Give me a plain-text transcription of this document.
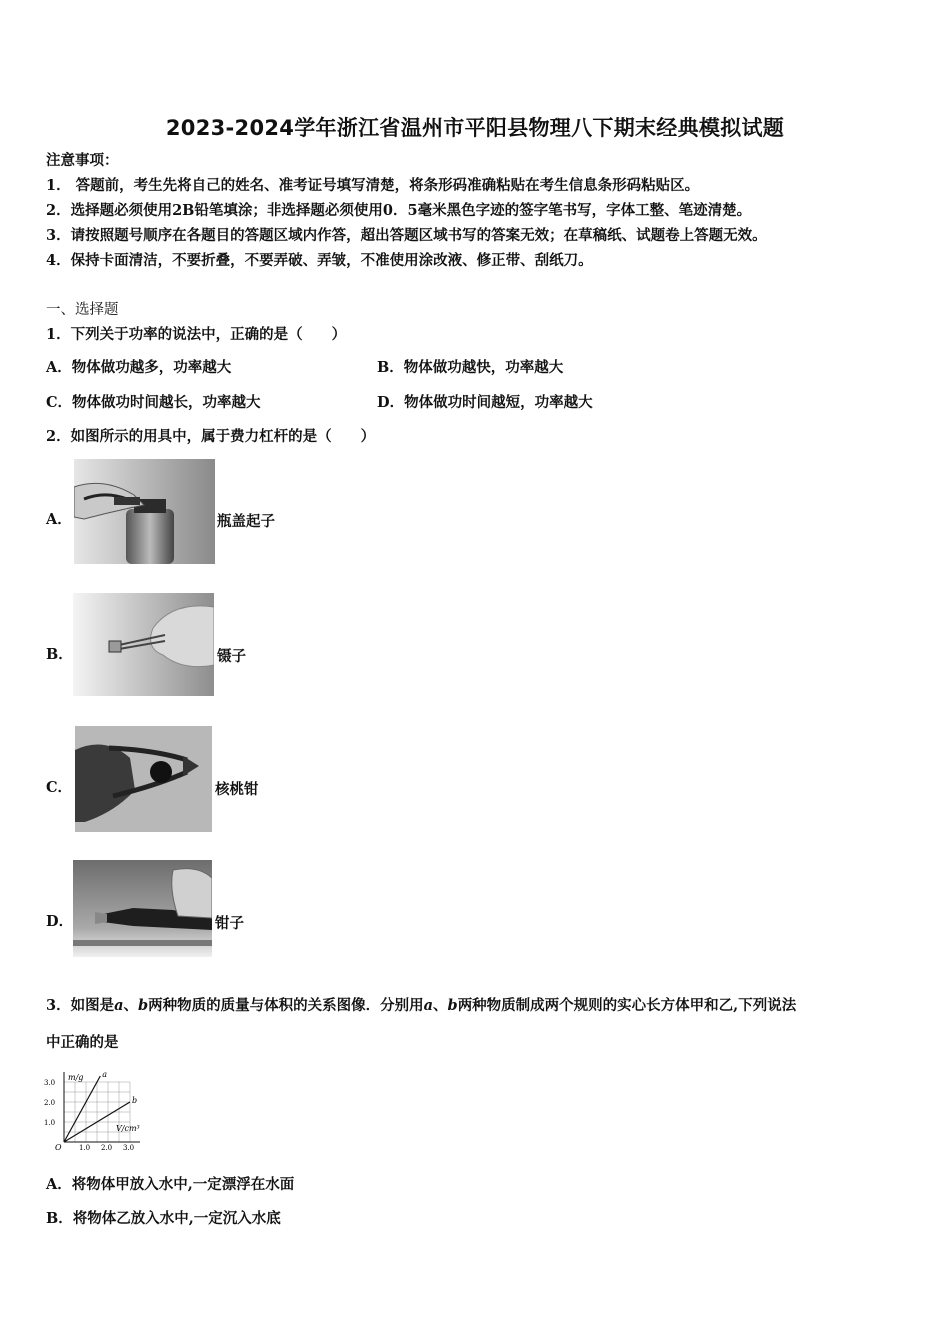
2023-2024学年浙江省温州市平阳县物理八下期末经典模拟试题
注意事项：
1． 答题前，考生先将自己的姓名、准考证号填写清楚，将条形码准确粘贴在考生信息条形码粘贴区。
2．选择题必须使用2B铅笔填涂；非选择题必须使用0．5毫米黑色字迹的签字笔书写，字体工整、笔迹清楚。
3．请按照题号顺序在各题目的答题区域内作答，超出答题区域书写的答案无效；在草稿纸、试题卷上答题无效。
4．保持卡面清洁，不要折叠，不要弄破、弄皱，不准使用涂改液、修正带、刮纸刀。
一、选择题
1．下列关于功率的说法中，正确的是（　　）
A．物体做功越多，功率越大	B．物体做功越快，功率越大
C．物体做功时间越长，功率越大	D．物体做功时间越短，功率越大
2．如图所示的用具中，属于费力杠杆的是（　　）
A．	瓶盖起子
B．	镊子
C．	核桃钳
D．	钳子
3．如图是a、b两种物质的质量与体积的关系图像．分别用a、b两种物质制成两个规则的实心长方体甲和乙,下列说法
中正确的是
m/g
V/cm³
O 1.0 2.0 3.0
1.0
2.0
3.0
a
b
A．将物体甲放入水中,一定漂浮在水面
B．将物体乙放入水中,一定沉入水底
